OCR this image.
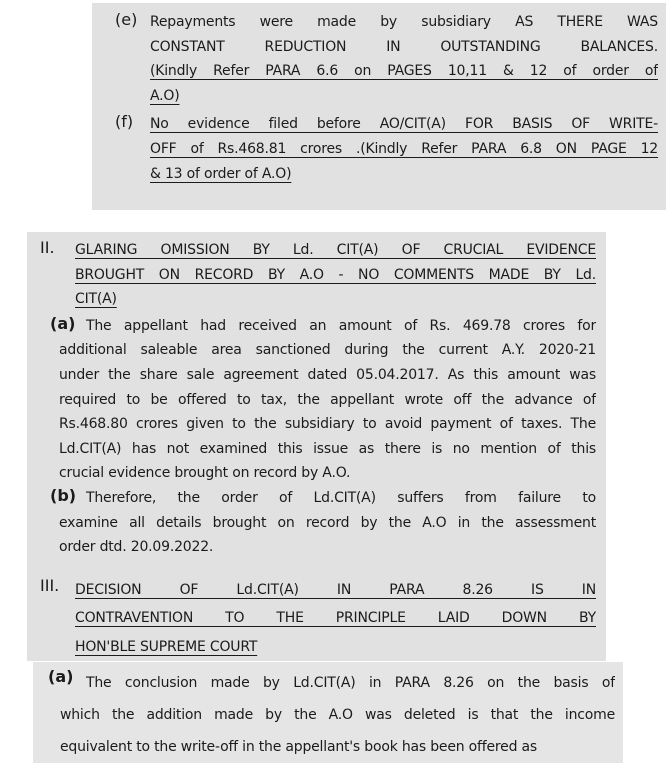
(e) Repayments were made by subsidiary AS THERE WAS
CONSTANT REDUCTION IN OUTSTANDING BALANCES.
(Kindly Refer PARA 6.6 on PAGES 10,11 & 12 of order of
A.O)
(f) No evidence filed before AO/CIT(A) FOR BASIS OF WRITE-
OFF of Rs.468.81 crores .(Kindly Refer PARA 6.8 ON PAGE 12
& 13 of order of A.O)
II. GLARING OMISSION BY Ld. CIT(A) OF CRUCIAL EVIDENCE
BROUGHT ON RECORD BY A.O - NO COMMENTS MADE BY Ld.
CIT(A)
(a) The appellant had received an amount of Rs. 469.78 crores for
additional saleable area sanctioned during the current A.Y. 2020-21
under the share sale agreement dated 05.04.2017. As this amount was
required to be offered to tax, the appellant wrote off the advance of
Rs.468.80 crores given to the subsidiary to avoid payment of taxes. The
Ld.CIT(A) has not examined this issue as there is no mention of this
crucial evidence brought on record by A.O.
(b) Therefore, the order of Ld.CIT(A) suffers from failure to
examine all details brought on record by the A.O in the assessment
order dtd. 20.09.2022.
III. DECISION OF Ld.CIT(A) IN PARA 8.26 IS IN
CONTRAVENTION TO THE PRINCIPLE LAID DOWN BY
HON'BLE SUPREME COURT
(a) The conclusion made by Ld.CIT(A) in PARA 8.26 on the basis of
which the addition made by the A.O was deleted is that the income
equivalent to the write-off in the appellant's book has been offered as
